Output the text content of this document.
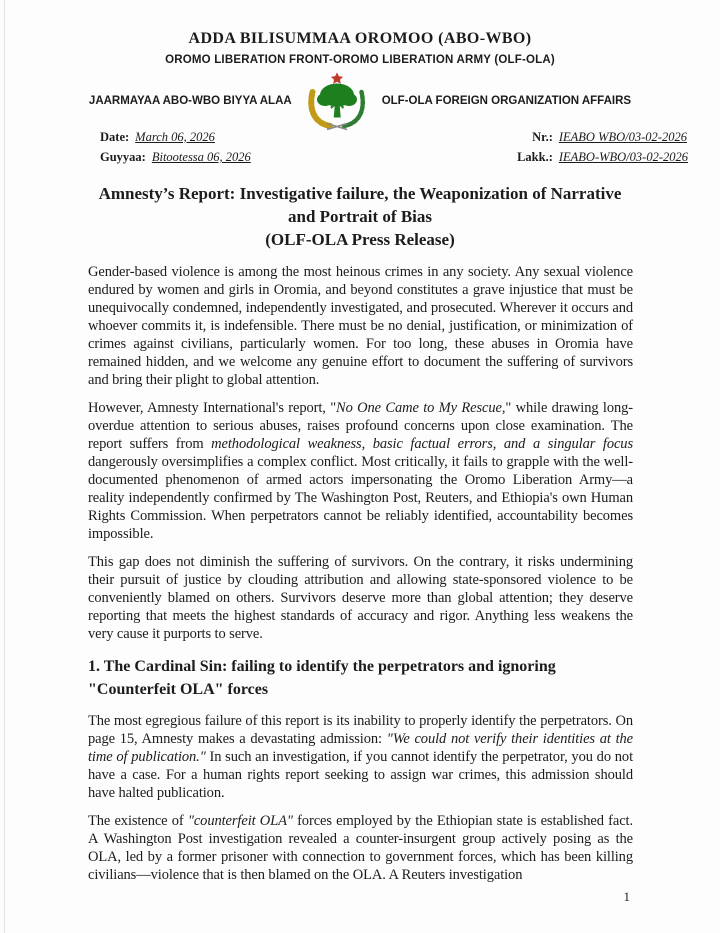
ADDA BILISUMMAA OROMOO (ABO-WBO)
OROMO LIBERATION FRONT-OROMO LIBERATION ARMY (OLF-OLA)
JAARMAYAA ABO-WBO BIYYA ALAA	OLF-OLA FOREIGN ORGANIZATION AFFAIRS
Date: March 06, 2026
Guyyaa: Bitootessa 06, 2026
Nr.: IEABO WBO/03-02-2026
Lakk.: IEABO-WBO/03-02-2026
Amnesty’s Report: Investigative failure, the Weaponization of Narrative and Portrait of Bias
(OLF-OLA Press Release)

Gender-based violence is among the most heinous crimes in any society. Any sexual violence endured by women and girls in Oromia, and beyond constitutes a grave injustice that must be unequivocally condemned, independently investigated, and prosecuted. Wherever it occurs and whoever commits it, is indefensible. There must be no denial, justification, or minimization of crimes against civilians, particularly women. For too long, these abuses in Oromia have remained hidden, and we welcome any genuine effort to document the suffering of survivors and bring their plight to global attention.

However, Amnesty International's report, "No One Came to My Rescue," while drawing long-overdue attention to serious abuses, raises profound concerns upon close examination. The report suffers from methodological weakness, basic factual errors, and a singular focus dangerously oversimplifies a complex conflict. Most critically, it fails to grapple with the well-documented phenomenon of armed actors impersonating the Oromo Liberation Army—a reality independently confirmed by The Washington Post, Reuters, and Ethiopia's own Human Rights Commission. When perpetrators cannot be reliably identified, accountability becomes impossible.

This gap does not diminish the suffering of survivors. On the contrary, it risks undermining their pursuit of justice by clouding attribution and allowing state-sponsored violence to be conveniently blamed on others. Survivors deserve more than global attention; they deserve reporting that meets the highest standards of accuracy and rigor. Anything less weakens the very cause it purports to serve.

1. The Cardinal Sin: failing to identify the perpetrators and ignoring "Counterfeit OLA" forces

The most egregious failure of this report is its inability to properly identify the perpetrators. On page 15, Amnesty makes a devastating admission: "We could not verify their identities at the time of publication." In such an investigation, if you cannot identify the perpetrator, you do not have a case. For a human rights report seeking to assign war crimes, this admission should have halted publication.

The existence of "counterfeit OLA" forces employed by the Ethiopian state is established fact. A Washington Post investigation revealed a counter-insurgent group actively posing as the OLA, led by a former prisoner with connection to government forces, which has been killing civilians—violence that is then blamed on the OLA. A Reuters investigation

1
